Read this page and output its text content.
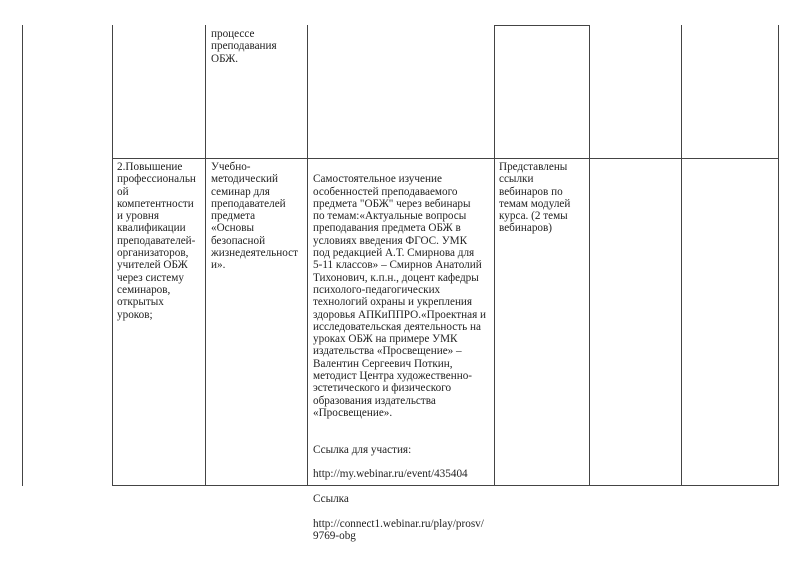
процессе
преподавания
ОБЖ.
2.Повышение
профессиональн
ой
компетентности
и уровня
квалификации
преподавателей-
организаторов,
учителей ОБЖ
через систему
семинаров,
открытых
уроков;
Учебно-
методический
семинар для
преподавателей
предмета
«Основы
безопасной
жизнедеятельност
и».

Самостоятельное изучение
особенностей преподаваемого
предмета "ОБЖ" через вебинары
по темам:«Актуальные вопросы
преподавания предмета ОБЖ в
условиях введения ФГОС. УМК
под редакцией А.Т. Смирнова для
5-11 классов» – Смирнов Анатолий
Тихонович, к.п.н., доцент кафедры
психолого-педагогических
технологий охраны и укрепления
здоровья АПКиППРО.«Проектная и
исследовательская деятельность на
уроках ОБЖ на примере УМК
издательства «Просвещение» –
Валентин Сергеевич Поткин,
методист Центра художественно-
эстетического и физического
образования издательства
«Просвещение».

Ссылка для участия:

http://my.webinar.ru/event/435404

Ссылка

http://connect1.webinar.ru/play/prosv/
9769-obg

Представлены
ссылки
вебинаров по
темам модулей
курса. (2 темы
вебинаров)
